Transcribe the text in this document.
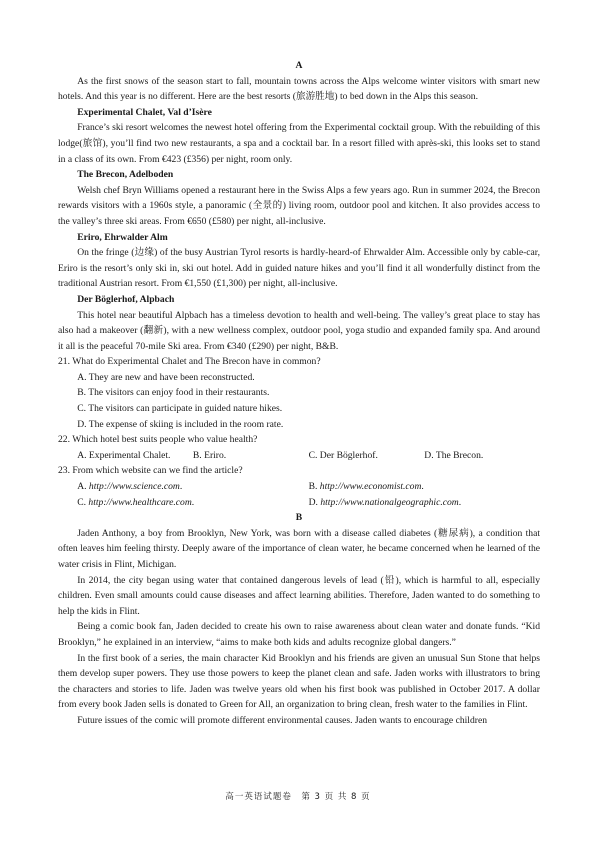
A

As the first snows of the season start to fall, mountain towns across the Alps welcome winter visitors with smart new hotels. And this year is no different. Here are the best resorts (旅游胜地) to bed down in the Alps this season.

Experimental Chalet, Val d’Isère

France’s ski resort welcomes the newest hotel offering from the Experimental cocktail group. With the rebuilding of this lodge(旅馆), you’ll find two new restaurants, a spa and a cocktail bar. In a resort filled with après-ski, this looks set to stand in a class of its own. From €423 (£356) per night, room only.

The Brecon, Adelboden

Welsh chef Bryn Williams opened a restaurant here in the Swiss Alps a few years ago. Run in summer 2024, the Brecon rewards visitors with a 1960s style, a panoramic (全景的) living room, outdoor pool and kitchen. It also provides access to the valley’s three ski areas. From €650 (£580) per night, all-inclusive.

Eriro, Ehrwalder Alm

On the fringe (边缘) of the busy Austrian Tyrol resorts is hardly-heard-of Ehrwalder Alm. Accessible only by cable-car, Eriro is the resort’s only ski in, ski out hotel. Add in guided nature hikes and you’ll find it all wonderfully distinct from the traditional Austrian resort. From €1,550 (£1,300) per night, all-inclusive.

Der Böglerhof, Alpbach

This hotel near beautiful Alpbach has a timeless devotion to health and well-being. The valley’s great place to stay has also had a makeover (翻新), with a new wellness complex, outdoor pool, yoga studio and expanded family spa. And around it all is the peaceful 70-mile Ski area. From €340 (£290) per night, B&B.

21. What do Experimental Chalet and The Brecon have in common?

A. They are new and have been reconstructed.

B. The visitors can enjoy food in their restaurants.

C. The visitors can participate in guided nature hikes.

D. The expense of skiing is included in the room rate.

22. Which hotel best suits people who value health?

A. Experimental Chalet.	B. Eriro.	C. Der Böglerhof.	D. The Brecon.

23. From which website can we find the article?

A. http://www.science.com.	B. http://www.economist.com.
C. http://www.healthcare.com.	D. http://www.nationalgeographic.com.

B

Jaden Anthony, a boy from Brooklyn, New York, was born with a disease called diabetes (糖尿病), a condition that often leaves him feeling thirsty. Deeply aware of the importance of clean water, he became concerned when he learned of the water crisis in Flint, Michigan.

In 2014, the city began using water that contained dangerous levels of lead (铅), which is harmful to all, especially children. Even small amounts could cause diseases and affect learning abilities. Therefore, Jaden wanted to do something to help the kids in Flint.

Being a comic book fan, Jaden decided to create his own to raise awareness about clean water and donate funds. “Kid Brooklyn,” he explained in an interview, “aims to make both kids and adults recognize global dangers.”

In the first book of a series, the main character Kid Brooklyn and his friends are given an unusual Sun Stone that helps them develop super powers. They use those powers to keep the planet clean and safe. Jaden works with illustrators to bring the characters and stories to life. Jaden was twelve years old when his first book was published in October 2017. A dollar from every book Jaden sells is donated to Green for All, an organization to bring clean, fresh water to the families in Flint.

Future issues of the comic will promote different environmental causes. Jaden wants to encourage children

高一英语试题卷　第 3 页 共 8 页
